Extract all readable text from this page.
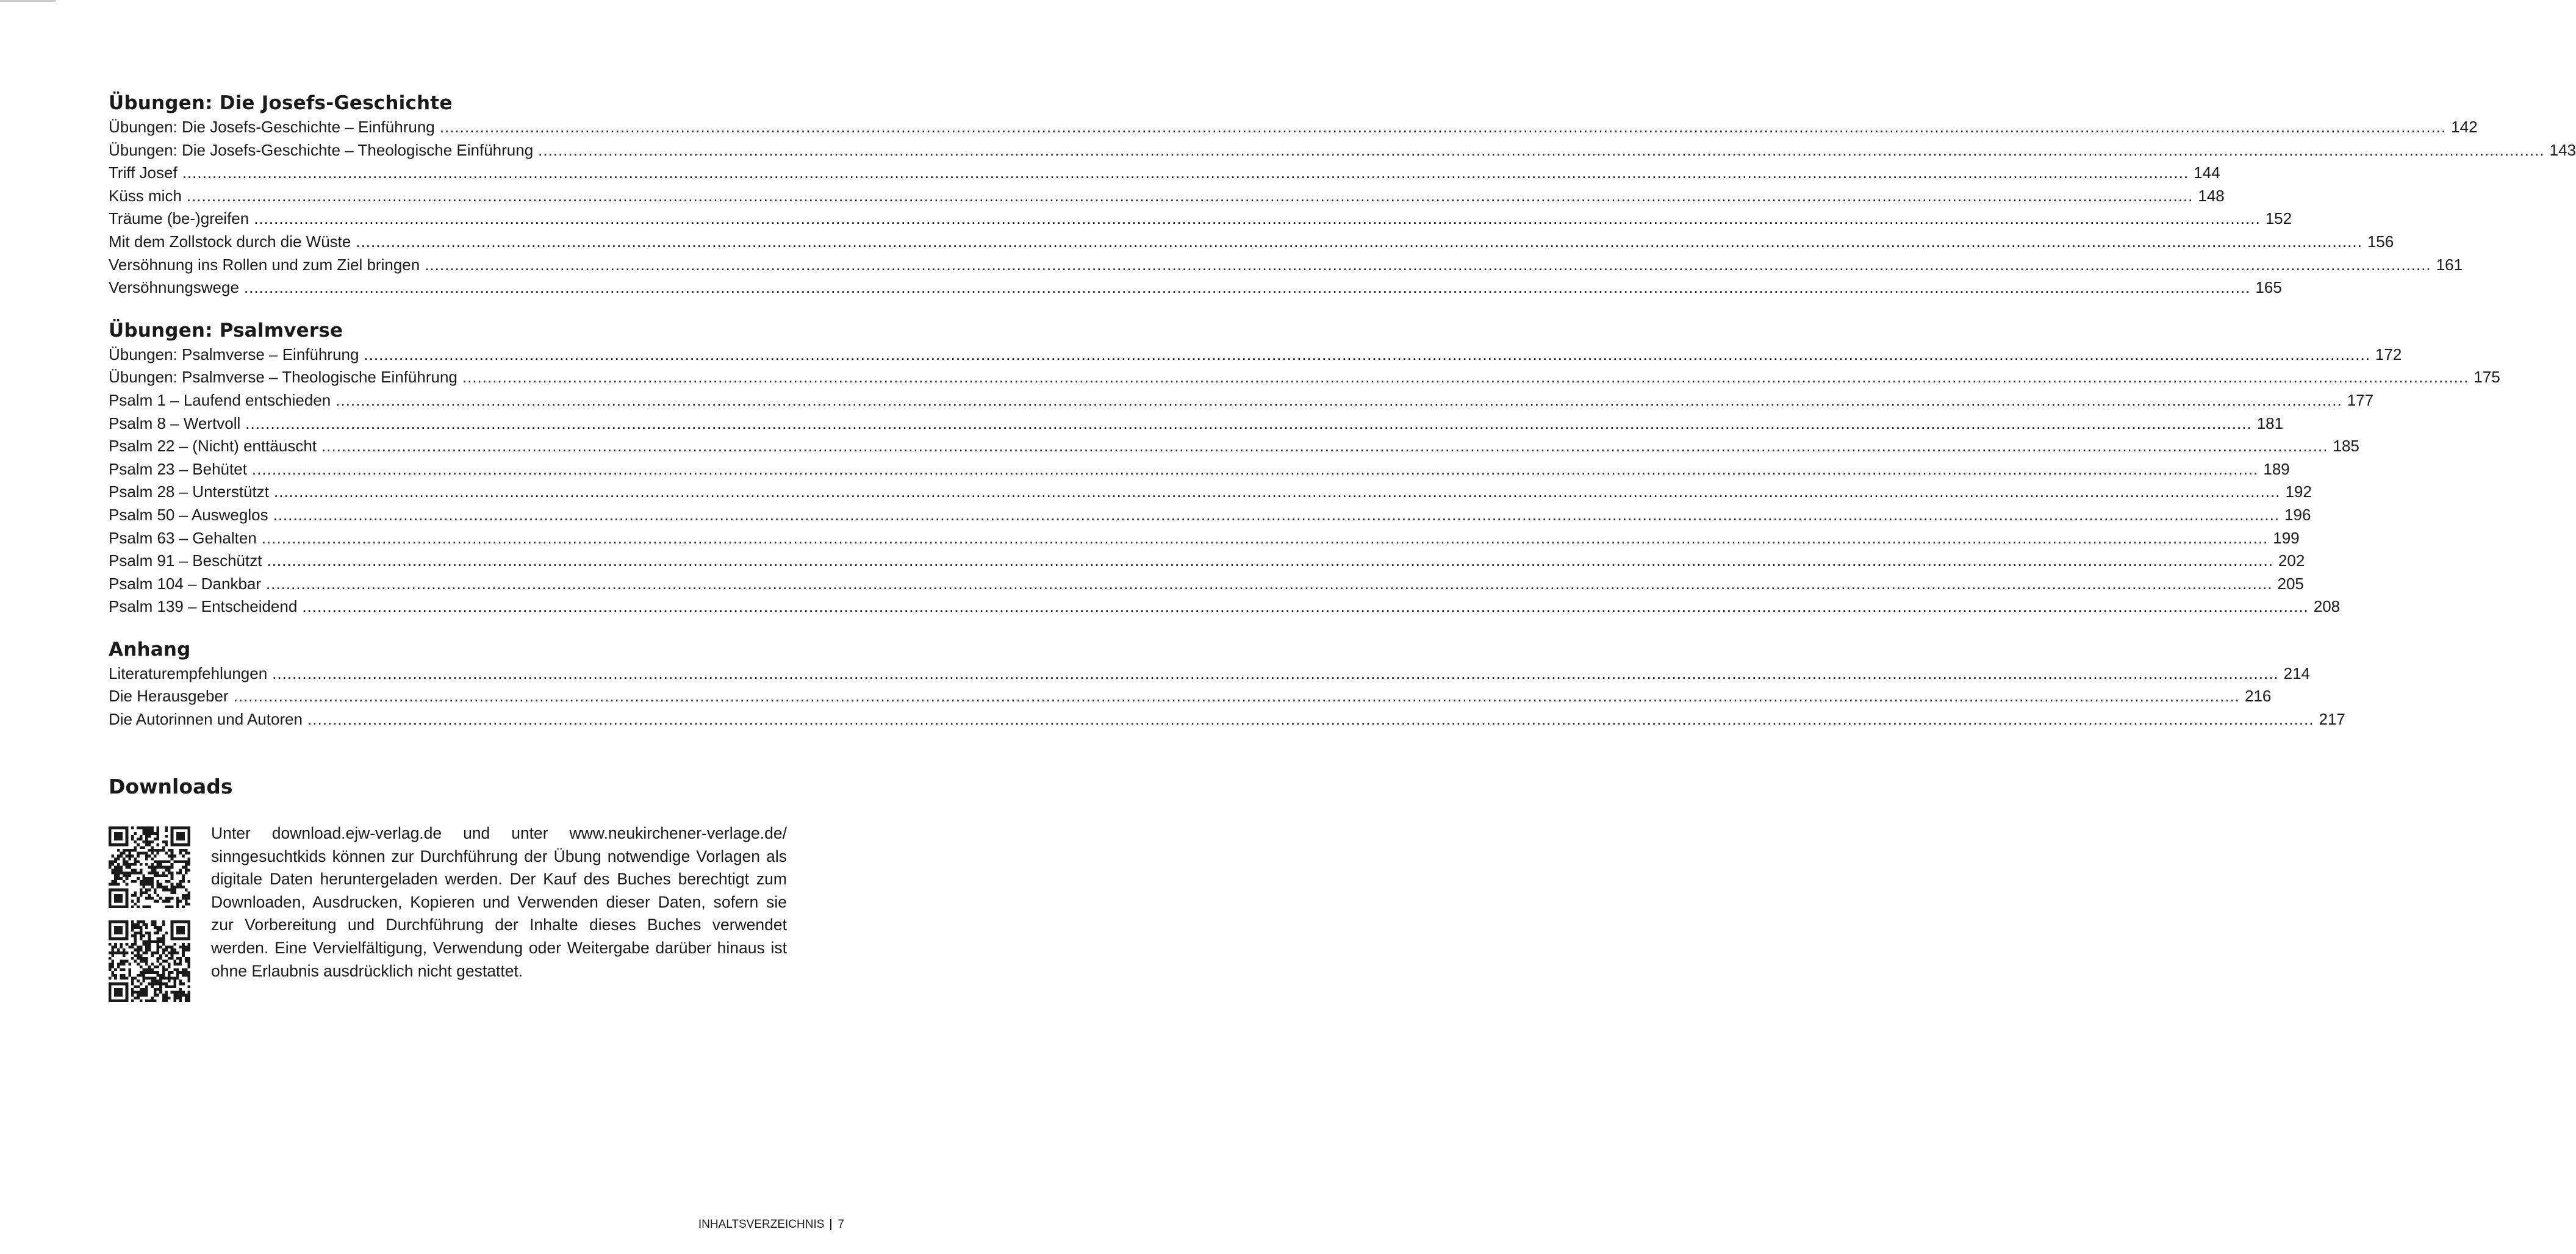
Übungen: Die Josefs-Geschichte
Übungen: Die Josefs-Geschichte – Einführung ................................................................................................................................................................................................................................................................................................................................................................................................................ 142
Übungen: Die Josefs-Geschichte – Theologische Einführung ................................................................................................................................................................................................................................................................................................................................................................................................................ 143
Triff Josef ................................................................................................................................................................................................................................................................................................................................................................................................................ 144
Küss mich ................................................................................................................................................................................................................................................................................................................................................................................................................ 148
Träume (be-)greifen ................................................................................................................................................................................................................................................................................................................................................................................................................ 152
Mit dem Zollstock durch die Wüste ................................................................................................................................................................................................................................................................................................................................................................................................................ 156
Versöhnung ins Rollen und zum Ziel bringen ................................................................................................................................................................................................................................................................................................................................................................................................................ 161
Versöhnungswege ................................................................................................................................................................................................................................................................................................................................................................................................................ 165
Übungen: Psalmverse
Übungen: Psalmverse – Einführung ................................................................................................................................................................................................................................................................................................................................................................................................................ 172
Übungen: Psalmverse – Theologische Einführung ................................................................................................................................................................................................................................................................................................................................................................................................................ 175
Psalm 1 – Laufend entschieden ................................................................................................................................................................................................................................................................................................................................................................................................................ 177
Psalm 8 – Wertvoll ................................................................................................................................................................................................................................................................................................................................................................................................................ 181
Psalm 22 – (Nicht) enttäuscht ................................................................................................................................................................................................................................................................................................................................................................................................................ 185
Psalm 23 – Behütet ................................................................................................................................................................................................................................................................................................................................................................................................................ 189
Psalm 28 – Unterstützt ................................................................................................................................................................................................................................................................................................................................................................................................................ 192
Psalm 50 – Ausweglos ................................................................................................................................................................................................................................................................................................................................................................................................................ 196
Psalm 63 – Gehalten ................................................................................................................................................................................................................................................................................................................................................................................................................ 199
Psalm 91 – Beschützt ................................................................................................................................................................................................................................................................................................................................................................................................................ 202
Psalm 104 – Dankbar ................................................................................................................................................................................................................................................................................................................................................................................................................ 205
Psalm 139 – Entscheidend ................................................................................................................................................................................................................................................................................................................................................................................................................ 208
Anhang
Literaturempfehlungen ................................................................................................................................................................................................................................................................................................................................................................................................................ 214
Die Herausgeber ................................................................................................................................................................................................................................................................................................................................................................................................................ 216
Die Autorinnen und Autoren ................................................................................................................................................................................................................................................................................................................................................................................................................ 217
Downloads

Unter download.ejw-verlag.de und unter www.neukirchener-verlage.de/ sinngesuchtkids können zur Durchführung der Übung notwendige Vorlagen als digitale Daten heruntergeladen werden. Der Kauf des Buches berechtigt zum Downloaden, Ausdrucken, Kopieren und Verwenden dieser Daten, sofern sie zur Vorbereitung und Durchführung der Inhalte dieses Buches verwendet werden. Eine Vervielfältigung, Verwendung oder Weitergabe darüber hinaus ist ohne Erlaubnis ausdrücklich nicht gestattet.

INHALTSVERZEICHNIS 7
